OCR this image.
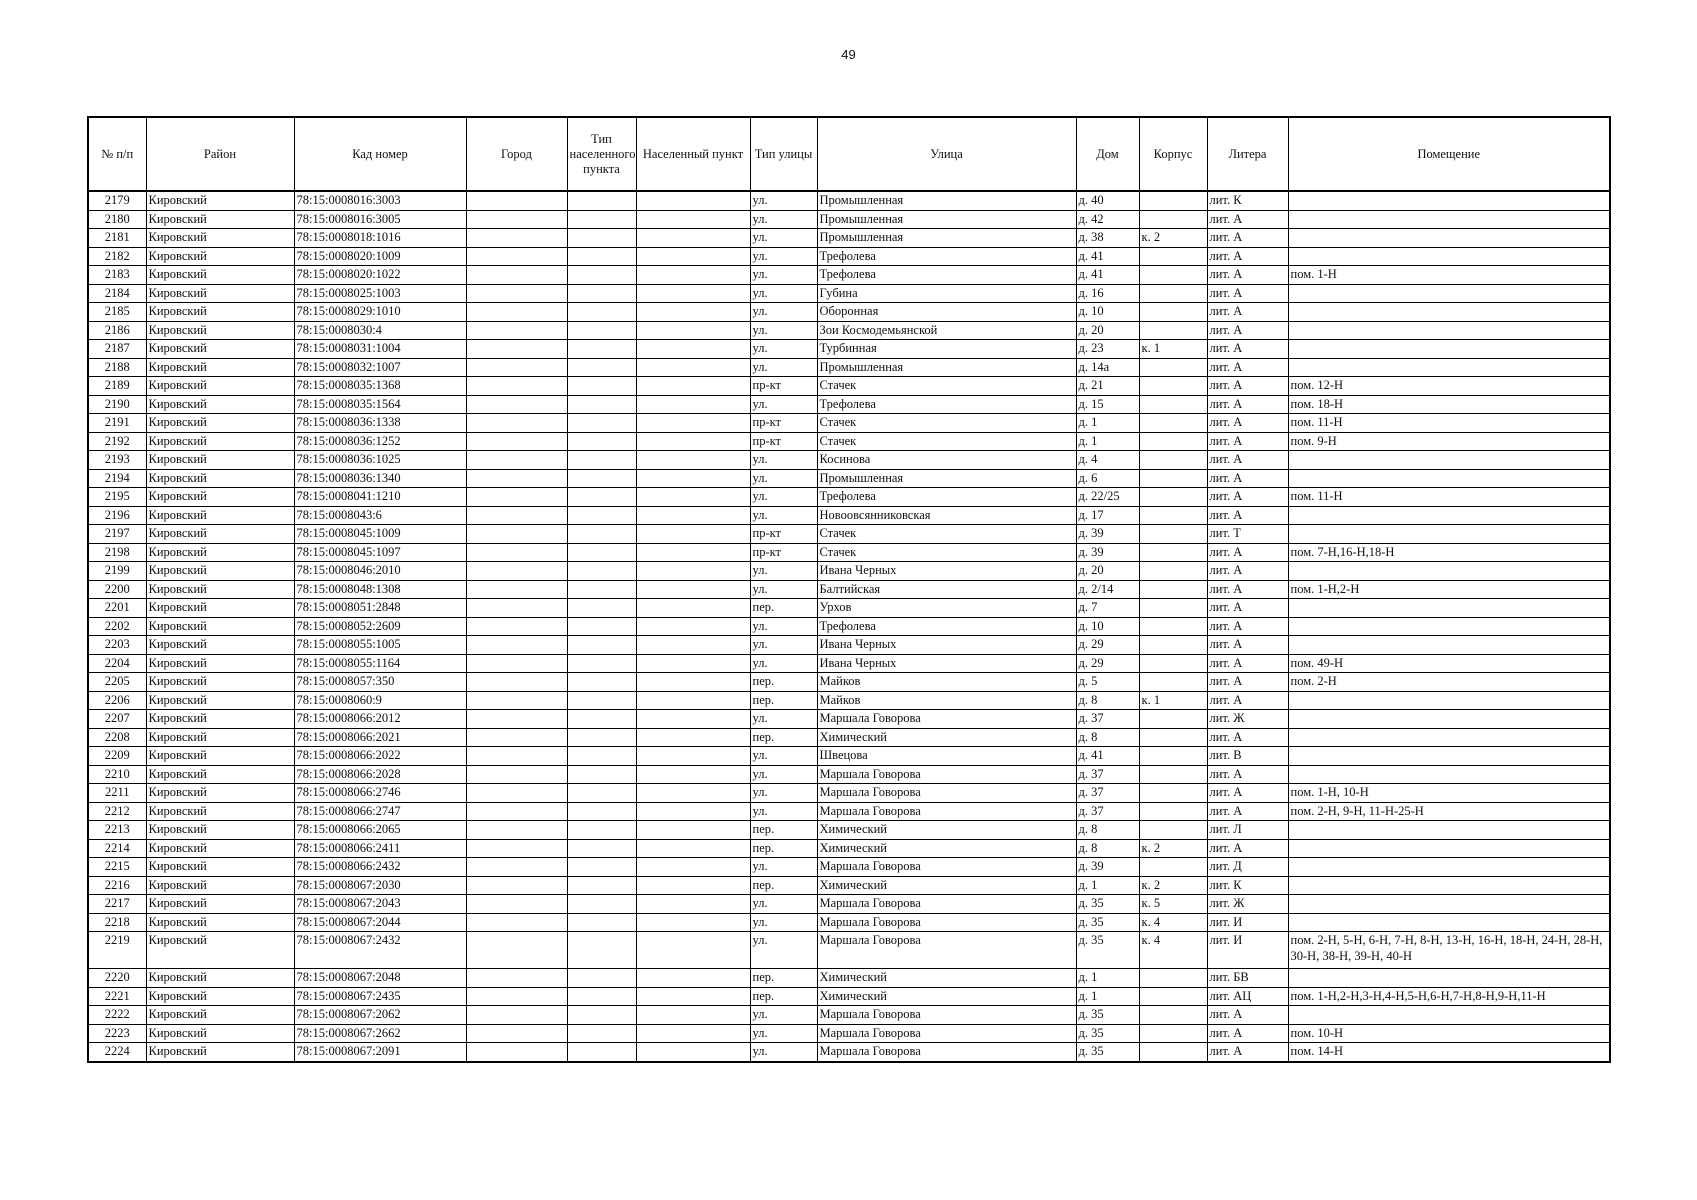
49
№ п/п	Район	Кад номер	Город	Тип населенного пункта	Населенный пункт	Тип улицы	Улица	Дом	Корпус	Литера	Помещение
2179	Кировский	78:15:0008016:3003				ул.	Промышленная	д. 40		лит. К	
2180	Кировский	78:15:0008016:3005				ул.	Промышленная	д. 42		лит. А	
2181	Кировский	78:15:0008018:1016				ул.	Промышленная	д. 38	к. 2	лит. А	
2182	Кировский	78:15:0008020:1009				ул.	Трефолева	д. 41		лит. А	
2183	Кировский	78:15:0008020:1022				ул.	Трефолева	д. 41		лит. А	пом. 1-Н
2184	Кировский	78:15:0008025:1003				ул.	Губина	д. 16		лит. А	
2185	Кировский	78:15:0008029:1010				ул.	Оборонная	д. 10		лит. А	
2186	Кировский	78:15:0008030:4				ул.	Зои Космодемьянской	д. 20		лит. А	
2187	Кировский	78:15:0008031:1004				ул.	Турбинная	д. 23	к. 1	лит. А	
2188	Кировский	78:15:0008032:1007				ул.	Промышленная	д. 14а		лит. А	
2189	Кировский	78:15:0008035:1368				пр-кт	Стачек	д. 21		лит. А	пом. 12-Н
2190	Кировский	78:15:0008035:1564				ул.	Трефолева	д. 15		лит. А	пом. 18-Н
2191	Кировский	78:15:0008036:1338				пр-кт	Стачек	д. 1		лит. А	пом. 11-Н
2192	Кировский	78:15:0008036:1252				пр-кт	Стачек	д. 1		лит. А	пом. 9-Н
2193	Кировский	78:15:0008036:1025				ул.	Косинова	д. 4		лит. А	
2194	Кировский	78:15:0008036:1340				ул.	Промышленная	д. 6		лит. А	
2195	Кировский	78:15:0008041:1210				ул.	Трефолева	д. 22/25		лит. А	пом. 11-Н
2196	Кировский	78:15:0008043:6				ул.	Новоовсянниковская	д. 17		лит. А	
2197	Кировский	78:15:0008045:1009				пр-кт	Стачек	д. 39		лит. Т	
2198	Кировский	78:15:0008045:1097				пр-кт	Стачек	д. 39		лит. А	пом. 7-Н,16-Н,18-Н
2199	Кировский	78:15:0008046:2010				ул.	Ивана Черных	д. 20		лит. А	
2200	Кировский	78:15:0008048:1308				ул.	Балтийская	д. 2/14		лит. А	пом. 1-Н,2-Н
2201	Кировский	78:15:0008051:2848				пер.	Урхов	д. 7		лит. А	
2202	Кировский	78:15:0008052:2609				ул.	Трефолева	д. 10		лит. А	
2203	Кировский	78:15:0008055:1005				ул.	Ивана Черных	д. 29		лит. А	
2204	Кировский	78:15:0008055:1164				ул.	Ивана Черных	д. 29		лит. А	пом. 49-Н
2205	Кировский	78:15:0008057:350				пер.	Майков	д. 5		лит. А	пом. 2-Н
2206	Кировский	78:15:0008060:9				пер.	Майков	д. 8	к. 1	лит. А	
2207	Кировский	78:15:0008066:2012				ул.	Маршала Говорова	д. 37		лит. Ж	
2208	Кировский	78:15:0008066:2021				пер.	Химический	д. 8		лит. А	
2209	Кировский	78:15:0008066:2022				ул.	Швецова	д. 41		лит. В	
2210	Кировский	78:15:0008066:2028				ул.	Маршала Говорова	д. 37		лит. А	
2211	Кировский	78:15:0008066:2746				ул.	Маршала Говорова	д. 37		лит. А	пом. 1-Н, 10-Н
2212	Кировский	78:15:0008066:2747				ул.	Маршала Говорова	д. 37		лит. А	пом. 2-Н, 9-Н, 11-Н-25-Н
2213	Кировский	78:15:0008066:2065				пер.	Химический	д. 8		лит. Л	
2214	Кировский	78:15:0008066:2411				пер.	Химический	д. 8	к. 2	лит. А	
2215	Кировский	78:15:0008066:2432				ул.	Маршала Говорова	д. 39		лит. Д	
2216	Кировский	78:15:0008067:2030				пер.	Химический	д. 1	к. 2	лит. К	
2217	Кировский	78:15:0008067:2043				ул.	Маршала Говорова	д. 35	к. 5	лит. Ж	
2218	Кировский	78:15:0008067:2044				ул.	Маршала Говорова	д. 35	к. 4	лит. И	
2219	Кировский	78:15:0008067:2432				ул.	Маршала Говорова	д. 35	к. 4	лит. И	пом. 2-Н, 5-Н, 6-Н, 7-Н, 8-Н, 13-Н, 16-Н, 18-Н, 24-Н, 28-Н, 30-Н, 38-Н, 39-Н, 40-Н
2220	Кировский	78:15:0008067:2048				пер.	Химический	д. 1		лит. БВ	
2221	Кировский	78:15:0008067:2435				пер.	Химический	д. 1		лит. АЦ	пом. 1-Н,2-Н,3-Н,4-Н,5-Н,6-Н,7-Н,8-Н,9-Н,11-Н
2222	Кировский	78:15:0008067:2062				ул.	Маршала Говорова	д. 35		лит. А	
2223	Кировский	78:15:0008067:2662				ул.	Маршала Говорова	д. 35		лит. А	пом. 10-Н
2224	Кировский	78:15:0008067:2091				ул.	Маршала Говорова	д. 35		лит. А	пом. 14-Н
